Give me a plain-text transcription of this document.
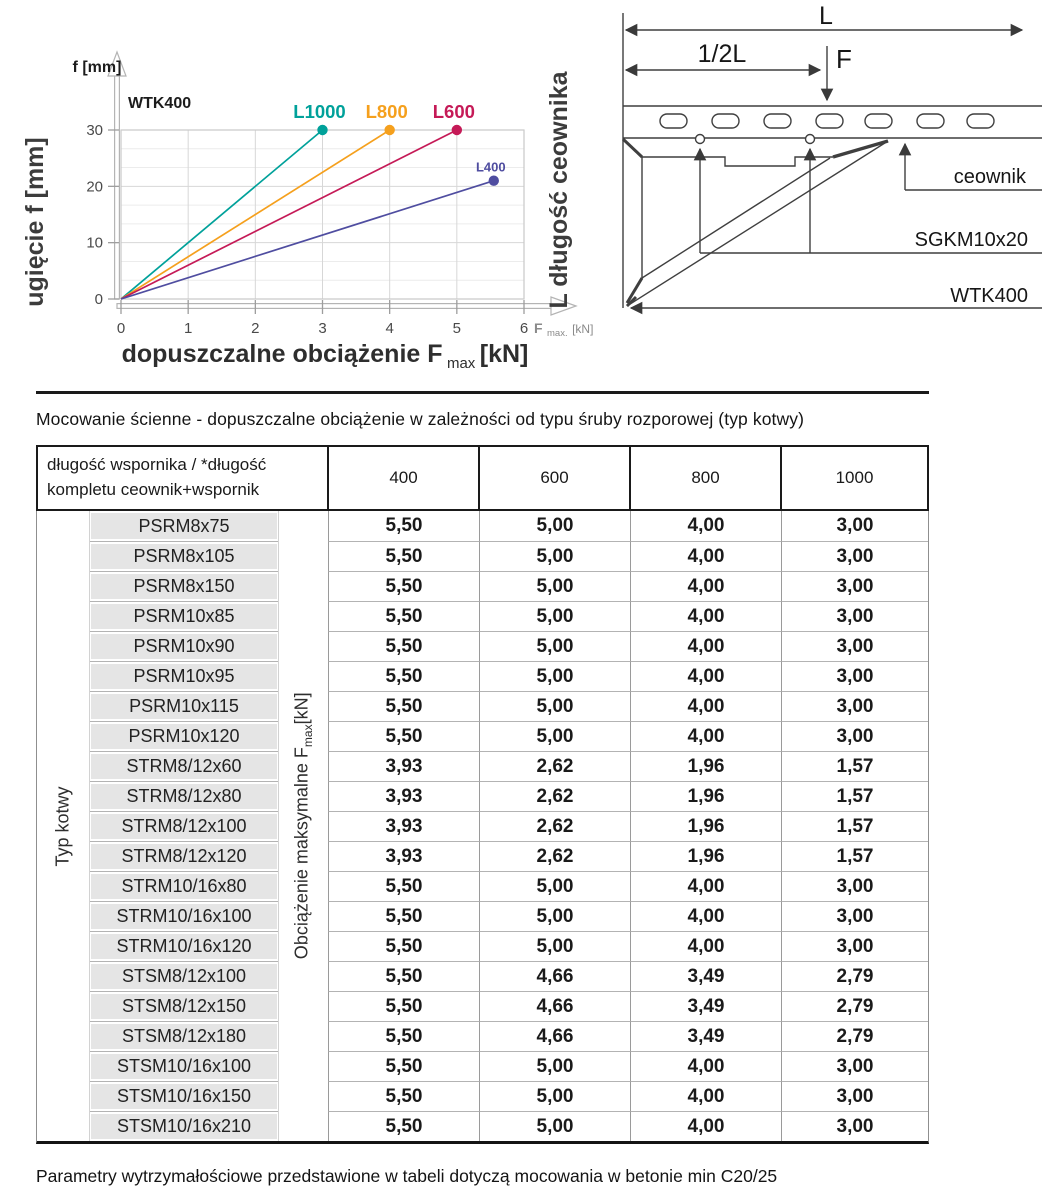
0
10
20
30
0	1	2	3	4	5	6
L1000 L800 L600
L400
f [mm]
WTK400
ugięcie f [mm]	L długość ceownika
dopuszczalne obciążenie F max [kN]
F max. [kN]
L
1/2L	F
ceownik
SGKM10x20
WTK400
Mocowanie ścienne - dopuszczalne obciążenie w zależności od typu śruby rozporowej (typ kotwy)
długość wspornika / *długość kompletu ceownik+wspornik
400	600	800	1000
Typ kotwy	Obciążenie maksymalne $F_{max}[kN]$
PSRM8x75	5,50	5,00	4,00	3,00
PSRM8x105	5,50	5,00	4,00	3,00
PSRM8x150	5,50	5,00	4,00	3,00
PSRM10x85	5,50	5,00	4,00	3,00
PSRM10x90	5,50	5,00	4,00	3,00
PSRM10x95	5,50	5,00	4,00	3,00
PSRM10x115	5,50	5,00	4,00	3,00
PSRM10x120	5,50	5,00	4,00	3,00
STRM8/12x60	3,93	2,62	1,96	1,57
STRM8/12x80	3,93	2,62	1,96	1,57
STRM8/12x100	3,93	2,62	1,96	1,57
STRM8/12x120	3,93	2,62	1,96	1,57
STRM10/16x80	5,50	5,00	4,00	3,00
STRM10/16x100	5,50	5,00	4,00	3,00
STRM10/16x120	5,50	5,00	4,00	3,00
STSM8/12x100	5,50	4,66	3,49	2,79
STSM8/12x150	5,50	4,66	3,49	2,79
STSM8/12x180	5,50	4,66	3,49	2,79
STSM10/16x100	5,50	5,00	4,00	3,00
STSM10/16x150	5,50	5,00	4,00	3,00
STSM10/16x210	5,50	5,00	4,00	3,00
Parametry wytrzymałościowe przedstawione w tabeli dotyczą mocowania w betonie min C20/25
